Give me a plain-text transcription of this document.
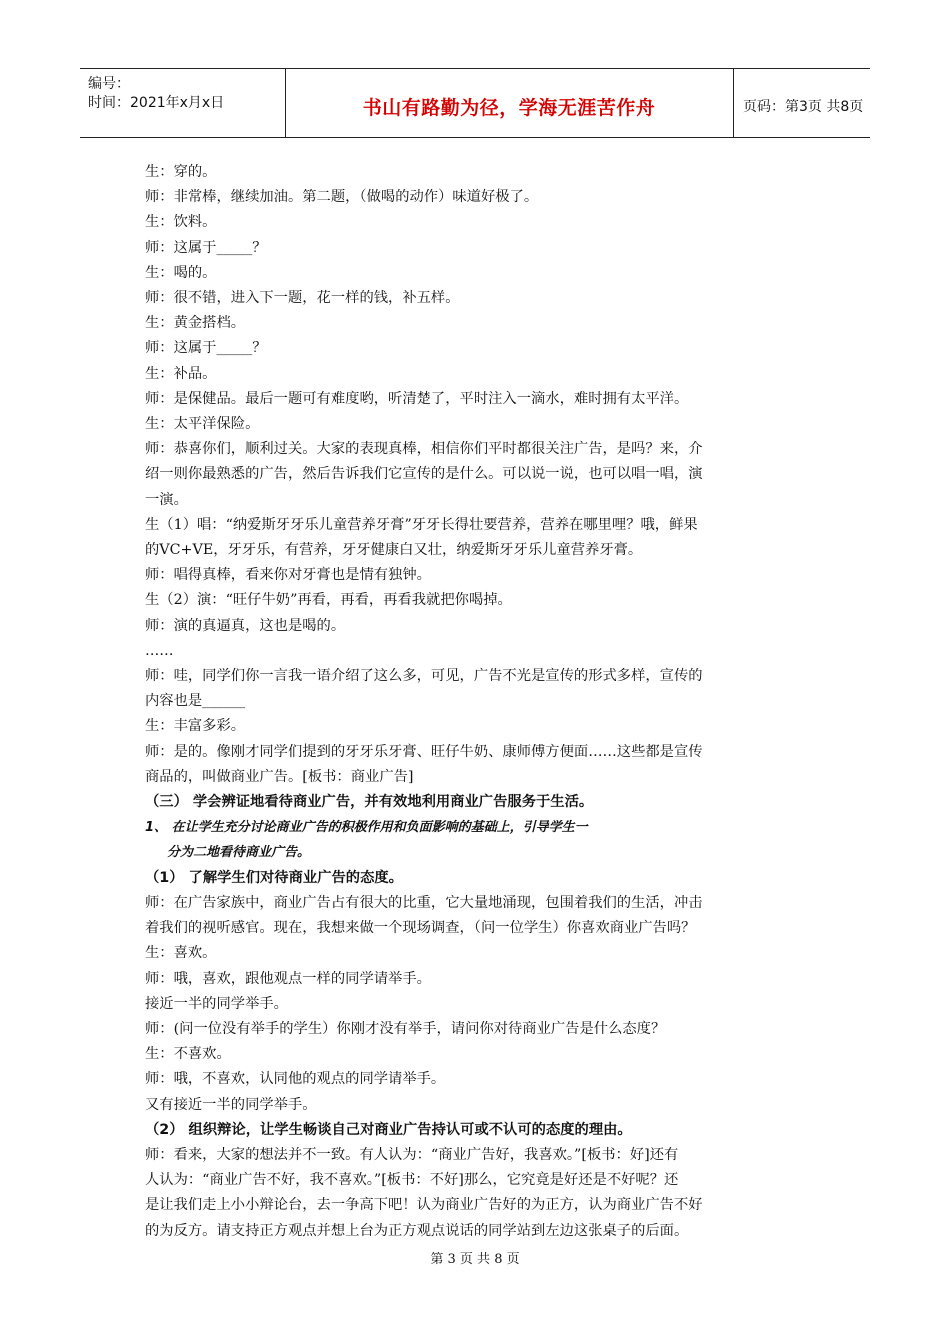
编号：
时间：2021年x月x日	书山有路勤为径，学海无涯苦作舟	页码：第3页 共8页

生：穿的。

师：非常棒，继续加油。第二题，（做喝的动作）味道好极了。

生：饮料。

师：这属于_____？

生：喝的。

师：很不错，进入下一题，花一样的钱，补五样。

生：黄金搭档。

师：这属于_____？

生：补品。

师：是保健品。最后一题可有难度哟，听清楚了，平时注入一滴水，难时拥有太平洋。

生：太平洋保险。

师：恭喜你们，顺利过关。大家的表现真棒，相信你们平时都很关注广告，是吗？来，介

绍一则你最熟悉的广告，然后告诉我们它宣传的是什么。可以说一说，也可以唱一唱，演

一演。

生（1）唱：“纳爱斯牙牙乐儿童营养牙膏”牙牙长得壮要营养，营养在哪里哩？哦，鲜果

的VC+VE，牙牙乐，有营养，牙牙健康白又壮，纳爱斯牙牙乐儿童营养牙膏。

师：唱得真棒，看来你对牙膏也是情有独钟。

生（2）演：“旺仔牛奶”再看，再看，再看我就把你喝掉。

师：演的真逼真，这也是喝的。

……

师：哇，同学们你一言我一语介绍了这么多，可见，广告不光是宣传的形式多样，宣传的

内容也是______

生：丰富多彩。

师：是的。像刚才同学们提到的牙牙乐牙膏、旺仔牛奶、康师傅方便面……这些都是宣传

商品的，叫做商业广告。[板书：商业广告]

（三） 学会辨证地看待商业广告，并有效地利用商业广告服务于生活。

1、 在让学生充分讨论商业广告的积极作用和负面影响的基础上，引导学生一

分为二地看待商业广告。

（1） 了解学生们对待商业广告的态度。

师：在广告家族中，商业广告占有很大的比重，它大量地涌现，包围着我们的生活，冲击

着我们的视听感官。现在，我想来做一个现场调查，（问一位学生）你喜欢商业广告吗？

生：喜欢。

师：哦，喜欢，跟他观点一样的同学请举手。

接近一半的同学举手。

师：(问一位没有举手的学生）你刚才没有举手，请问你对待商业广告是什么态度？

生：不喜欢。

师：哦，不喜欢，认同他的观点的同学请举手。

又有接近一半的同学举手。

（2） 组织辩论，让学生畅谈自己对商业广告持认可或不认可的态度的理由。

师：看来，大家的想法并不一致。有人认为：“商业广告好，我喜欢。”[板书：好]还有

人认为：“商业广告不好，我不喜欢。”[板书：不好]那么，它究竟是好还是不好呢？还

是让我们走上小小辩论台，去一争高下吧！认为商业广告好的为正方，认为商业广告不好

的为反方。请支持正方观点并想上台为正方观点说话的同学站到左边这张桌子的后面。

第 3 页 共 8 页
